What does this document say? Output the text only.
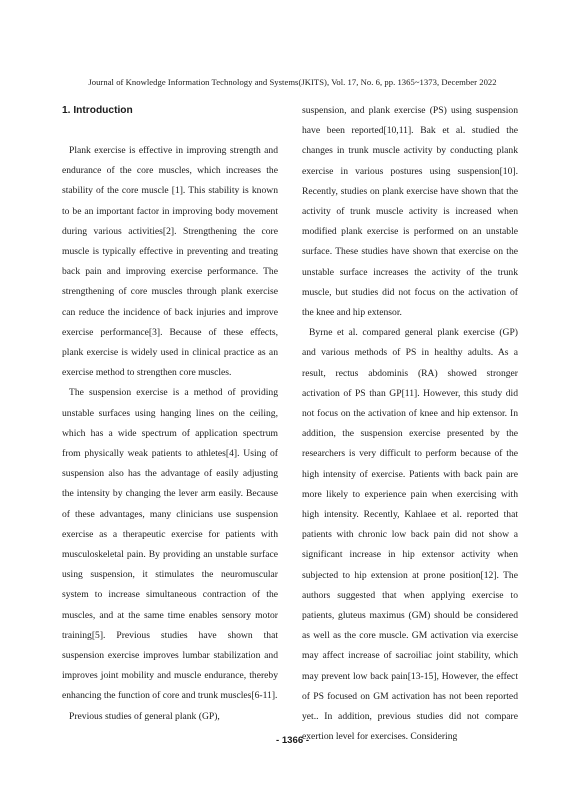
Journal of Knowledge Information Technology and Systems(JKITS), Vol. 17, No. 6, pp. 1365~1373, December 2022
1. Introduction

Plank exercise is effective in improving strength and endurance of the core muscles, which increases the stability of the core muscle [1]. This stability is known to be an important factor in improving body movement during various activities[2]. Strengthening the core muscle is typically effective in preventing and treating back pain and improving exercise performance. The strengthening of core muscles through plank exercise can reduce the incidence of back injuries and improve exercise performance[3]. Because of these effects, plank exercise is widely used in clinical practice as an exercise method to strengthen core muscles.

The suspension exercise is a method of providing unstable surfaces using hanging lines on the ceiling, which has a wide spectrum of application spectrum from physically weak patients to athletes[4]. Using of suspension also has the advantage of easily adjusting the intensity by changing the lever arm easily. Because of these advantages, many clinicians use suspension exercise as a therapeutic exercise for patients with musculoskeletal pain. By providing an unstable surface using suspension, it stimulates the neuromuscular system to increase simultaneous contraction of the muscles, and at the same time enables sensory motor training[5]. Previous studies have shown that suspension exercise improves lumbar stabilization and improves joint mobility and muscle endurance, thereby enhancing the function of core and trunk muscles[6-11].

Previous studies of general plank (GP),

suspension, and plank exercise (PS) using suspension have been reported[10,11]. Bak et al. studied the changes in trunk muscle activity by conducting plank exercise in various postures using suspension[10]. Recently, studies on plank exercise have shown that the activity of trunk muscle activity is increased when modified plank exercise is performed on an unstable surface. These studies have shown that exercise on the unstable surface increases the activity of the trunk muscle, but studies did not focus on the activation of the knee and hip extensor.

Byrne et al. compared general plank exercise (GP) and various methods of PS in healthy adults. As a result, rectus abdominis (RA) showed stronger activation of PS than GP[11]. However, this study did not focus on the activation of knee and hip extensor. In addition, the suspension exercise presented by the researchers is very difficult to perform because of the high intensity of exercise. Patients with back pain are more likely to experience pain when exercising with high intensity. Recently, Kahlaee et al. reported that patients with chronic low back pain did not show a significant increase in hip extensor activity when subjected to hip extension at prone position[12]. The authors suggested that when applying exercise to patients, gluteus maximus (GM) should be considered as well as the core muscle. GM activation via exercise may affect increase of sacroiliac joint stability, which may prevent low back pain[13-15], However, the effect of PS focused on GM activation has not been reported yet.. In addition, previous studies did not compare exertion level for exercises. Considering

- 1366 -
